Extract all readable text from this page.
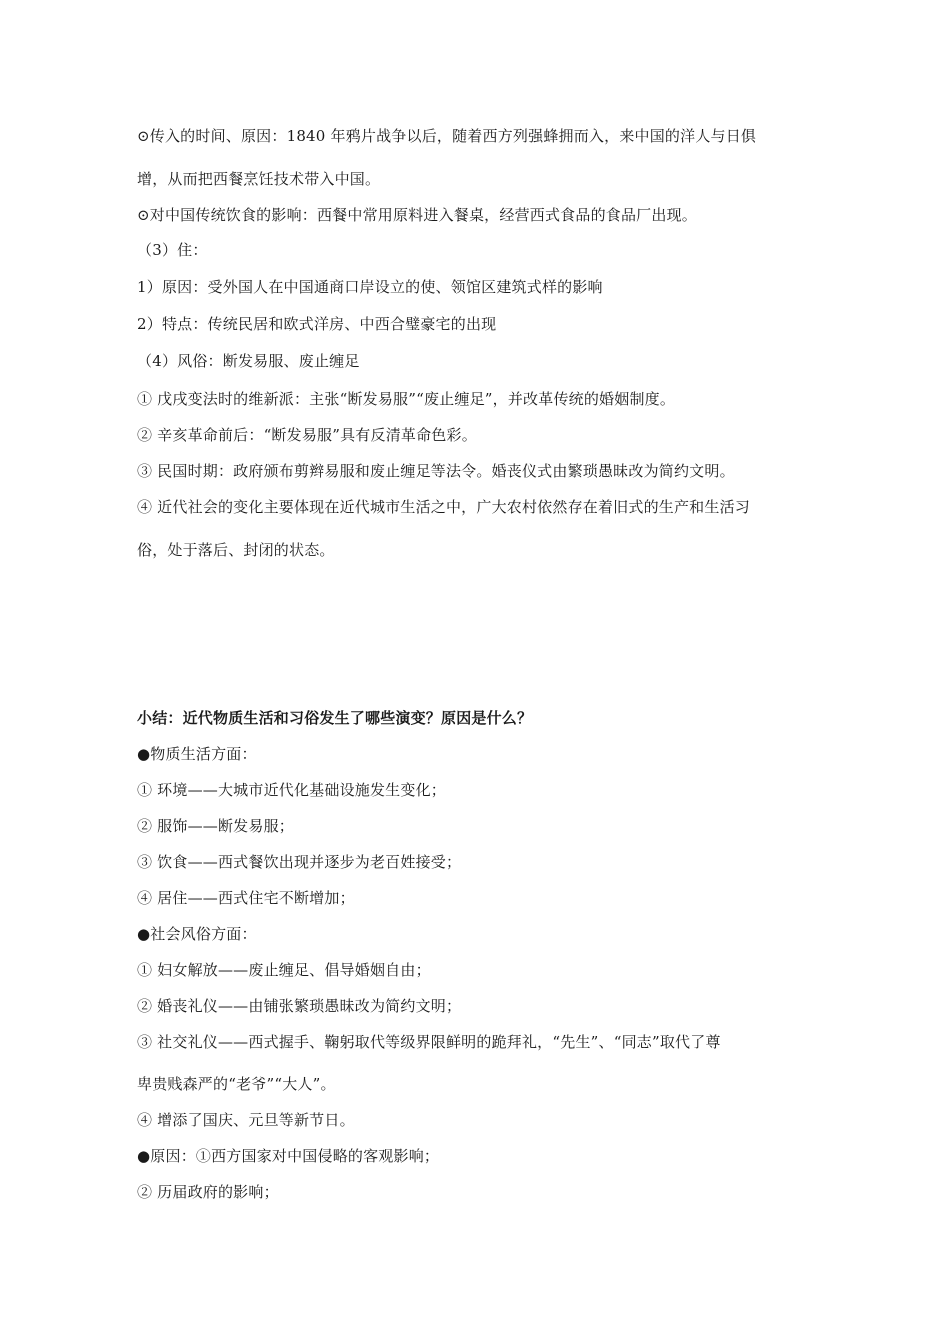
⊙传入的时间、原因：1840 年鸦片战争以后，随着西方列强蜂拥而入，来中国的洋人与日俱
增，从而把西餐烹饪技术带入中国。
⊙对中国传统饮食的影响：西餐中常用原料进入餐桌，经营西式食品的食品厂出现。
（3）住：
1）原因：受外国人在中国通商口岸设立的使、领馆区建筑式样的影响
2）特点：传统民居和欧式洋房、中西合璧豪宅的出现
（4）风俗：断发易服、废止缠足
① 戊戌变法时的维新派：主张“断发易服”“废止缠足”，并改革传统的婚姻制度。
② 辛亥革命前后：“断发易服”具有反清革命色彩。
③ 民国时期：政府颁布剪辫易服和废止缠足等法令。婚丧仪式由繁琐愚昧改为简约文明。
④ 近代社会的变化主要体现在近代城市生活之中，广大农村依然存在着旧式的生产和生活习
俗，处于落后、封闭的状态。
小结：近代物质生活和习俗发生了哪些演变？原因是什么？
●物质生活方面：
① 环境——大城市近代化基础设施发生变化；
② 服饰——断发易服；
③ 饮食——西式餐饮出现并逐步为老百姓接受；
④ 居住——西式住宅不断增加；
●社会风俗方面：
① 妇女解放——废止缠足、倡导婚姻自由；
② 婚丧礼仪——由铺张繁琐愚昧改为简约文明；
③ 社交礼仪——西式握手、鞠躬取代等级界限鲜明的跪拜礼，“先生”、“同志”取代了尊
卑贵贱森严的“老爷”“大人”。
④ 增添了国庆、元旦等新节日。
●原因：①西方国家对中国侵略的客观影响；
② 历届政府的影响；
